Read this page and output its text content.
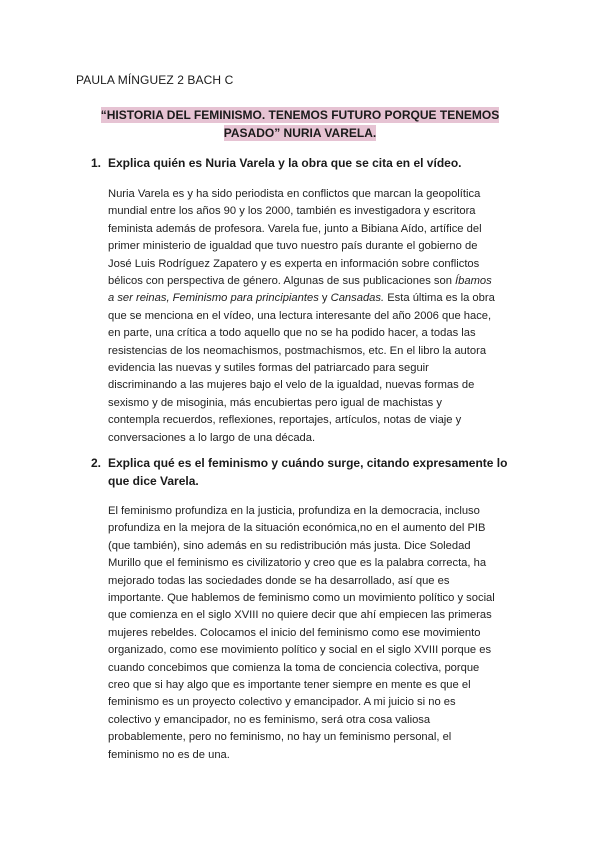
PAULA MÍNGUEZ 2 BACH C
“HISTORIA DEL FEMINISMO. TENEMOS FUTURO PORQUE TENEMOS
PASADO” NURIA VARELA.
1. Explica quién es Nuria Varela y la obra que se cita en el vídeo.
Nuria Varela es y ha sido periodista en conflictos que marcan la geopolítica
mundial entre los años 90 y los 2000, también es investigadora y escritora
feminista además de profesora. Varela fue, junto a Bibiana Aído, artífice del
primer ministerio de igualdad que tuvo nuestro país durante el gobierno de
José Luis Rodríguez Zapatero y es experta en información sobre conflictos
bélicos con perspectiva de género. Algunas de sus publicaciones son Íbamos
a ser reinas, Feminismo para principiantes y Cansadas. Esta última es la obra
que se menciona en el vídeo, una lectura interesante del año 2006 que hace,
en parte, una crítica a todo aquello que no se ha podido hacer, a todas las
resistencias de los neomachismos, postmachismos, etc. En el libro la autora
evidencia las nuevas y sutiles formas del patriarcado para seguir
discriminando a las mujeres bajo el velo de la igualdad, nuevas formas de
sexismo y de misoginia, más encubiertas pero igual de machistas y
contempla recuerdos, reflexiones, reportajes, artículos, notas de viaje y
conversaciones a lo largo de una década.
2. Explica qué es el feminismo y cuándo surge, citando expresamente lo
que dice Varela.
El feminismo profundiza en la justicia, profundiza en la democracia, incluso
profundiza en la mejora de la situación económica,no en el aumento del PIB
(que también), sino además en su redistribución más justa. Dice Soledad
Murillo que el feminismo es civilizatorio y creo que es la palabra correcta, ha
mejorado todas las sociedades donde se ha desarrollado, así que es
importante. Que hablemos de feminismo como un movimiento político y social
que comienza en el siglo XVIII no quiere decir que ahí empiecen las primeras
mujeres rebeldes. Colocamos el inicio del feminismo como ese movimiento
organizado, como ese movimiento político y social en el siglo XVIII porque es
cuando concebimos que comienza la toma de conciencia colectiva, porque
creo que si hay algo que es importante tener siempre en mente es que el
feminismo es un proyecto colectivo y emancipador. A mi juicio si no es
colectivo y emancipador, no es feminismo, será otra cosa valiosa
probablemente, pero no feminismo, no hay un feminismo personal, el
feminismo no es de una.
